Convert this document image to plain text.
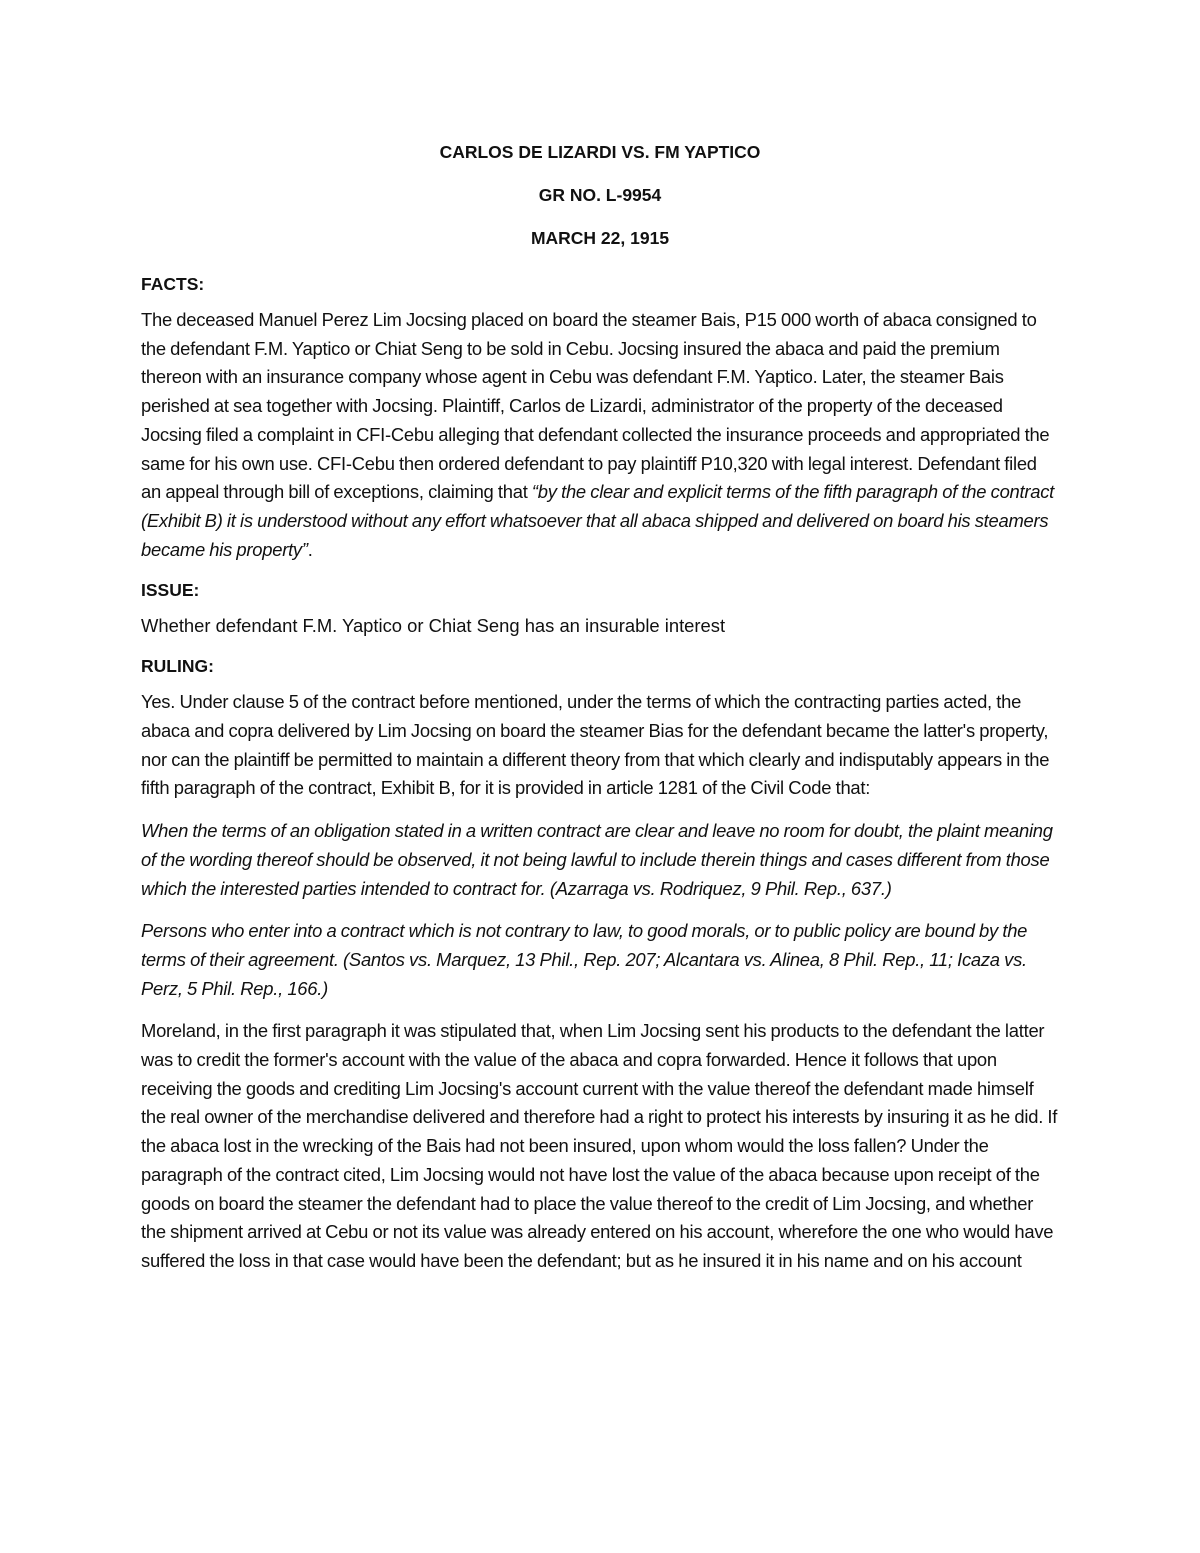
CARLOS DE LIZARDI VS. FM YAPTICO
GR NO. L-9954
MARCH 22, 1915
FACTS:

The deceased Manuel Perez Lim Jocsing placed on board the steamer Bais, P15 000 worth of abaca consigned to the defendant F.M. Yaptico or Chiat Seng to be sold in Cebu. Jocsing insured the abaca and paid the premium thereon with an insurance company whose agent in Cebu was defendant F.M. Yaptico. Later, the steamer Bais perished at sea together with Jocsing. Plaintiff, Carlos de Lizardi, administrator of the property of the deceased Jocsing filed a complaint in CFI-Cebu alleging that defendant collected the insurance proceeds and appropriated the same for his own use. CFI-Cebu then ordered defendant to pay plaintiff P10,320 with legal interest. Defendant filed an appeal through bill of exceptions, claiming that “by the clear and explicit terms of the fifth paragraph of the contract (Exhibit B) it is understood without any effort whatsoever that all abaca shipped and delivered on board his steamers became his property”.

ISSUE:

Whether defendant F.M. Yaptico or Chiat Seng has an insurable interest

RULING:

Yes. Under clause 5 of the contract before mentioned, under the terms of which the contracting parties acted, the abaca and copra delivered by Lim Jocsing on board the steamer Bias for the defendant became the latter's property, nor can the plaintiff be permitted to maintain a different theory from that which clearly and indisputably appears in the fifth paragraph of the contract, Exhibit B, for it is provided in article 1281 of the Civil Code that:

When the terms of an obligation stated in a written contract are clear and leave no room for doubt, the plaint meaning of the wording thereof should be observed, it not being lawful to include therein things and cases different from those which the interested parties intended to contract for. (Azarraga vs. Rodriquez, 9 Phil. Rep., 637.)

Persons who enter into a contract which is not contrary to law, to good morals, or to public policy are bound by the terms of their agreement. (Santos vs. Marquez, 13 Phil., Rep. 207; Alcantara vs. Alinea, 8 Phil. Rep., 11; Icaza vs. Perz, 5 Phil. Rep., 166.)

Moreland, in the first paragraph it was stipulated that, when Lim Jocsing sent his products to the defendant the latter was to credit the former's account with the value of the abaca and copra forwarded. Hence it follows that upon receiving the goods and crediting Lim Jocsing's account current with the value thereof the defendant made himself the real owner of the merchandise delivered and therefore had a right to protect his interests by insuring it as he did. If the abaca lost in the wrecking of the Bais had not been insured, upon whom would the loss fallen? Under the paragraph of the contract cited, Lim Jocsing would not have lost the value of the abaca because upon receipt of the goods on board the steamer the defendant had to place the value thereof to the credit of Lim Jocsing, and whether the shipment arrived at Cebu or not its value was already entered on his account, wherefore the one who would have suffered the loss in that case would have been the defendant; but as he insured it in his name and on his account
